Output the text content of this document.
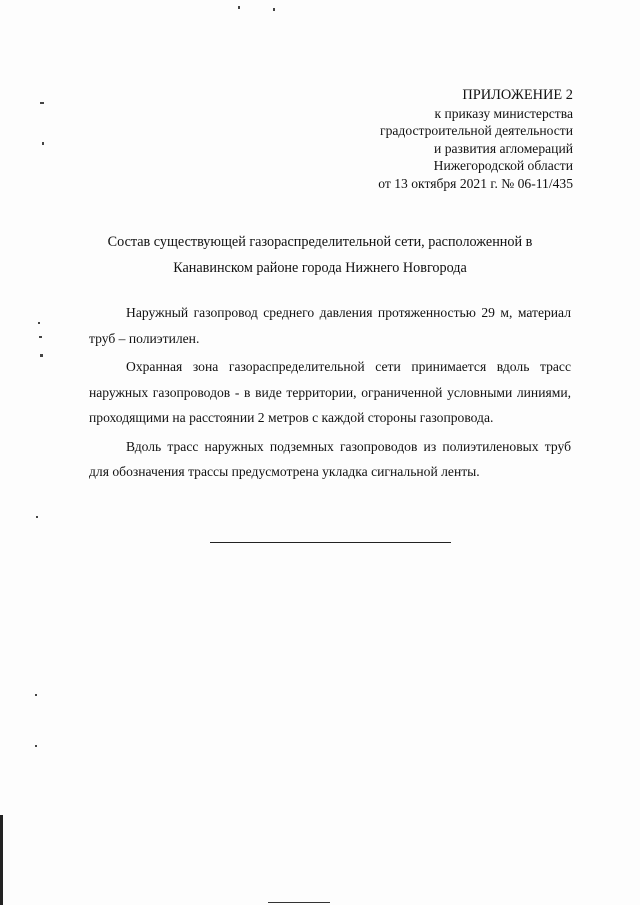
ПРИЛОЖЕНИЕ 2
к приказу министерства
градостроительной деятельности
и развития агломераций
Нижегородской области
от 13 октября 2021 г. № 06-11/435
Состав существующей газораспределительной сети, расположенной в
Канавинском районе города Нижнего Новгорода

Наружный газопровод среднего давления протяженностью 29 м, материал труб – полиэтилен.

Охранная зона газораспределительной сети принимается вдоль трасс наружных газопроводов - в виде территории, ограниченной условными линиями, проходящими на расстоянии 2 метров с каждой стороны газопровода.

Вдоль трасс наружных подземных газопроводов из полиэтиленовых труб для обозначения трассы предусмотрена укладка сигнальной ленты.
